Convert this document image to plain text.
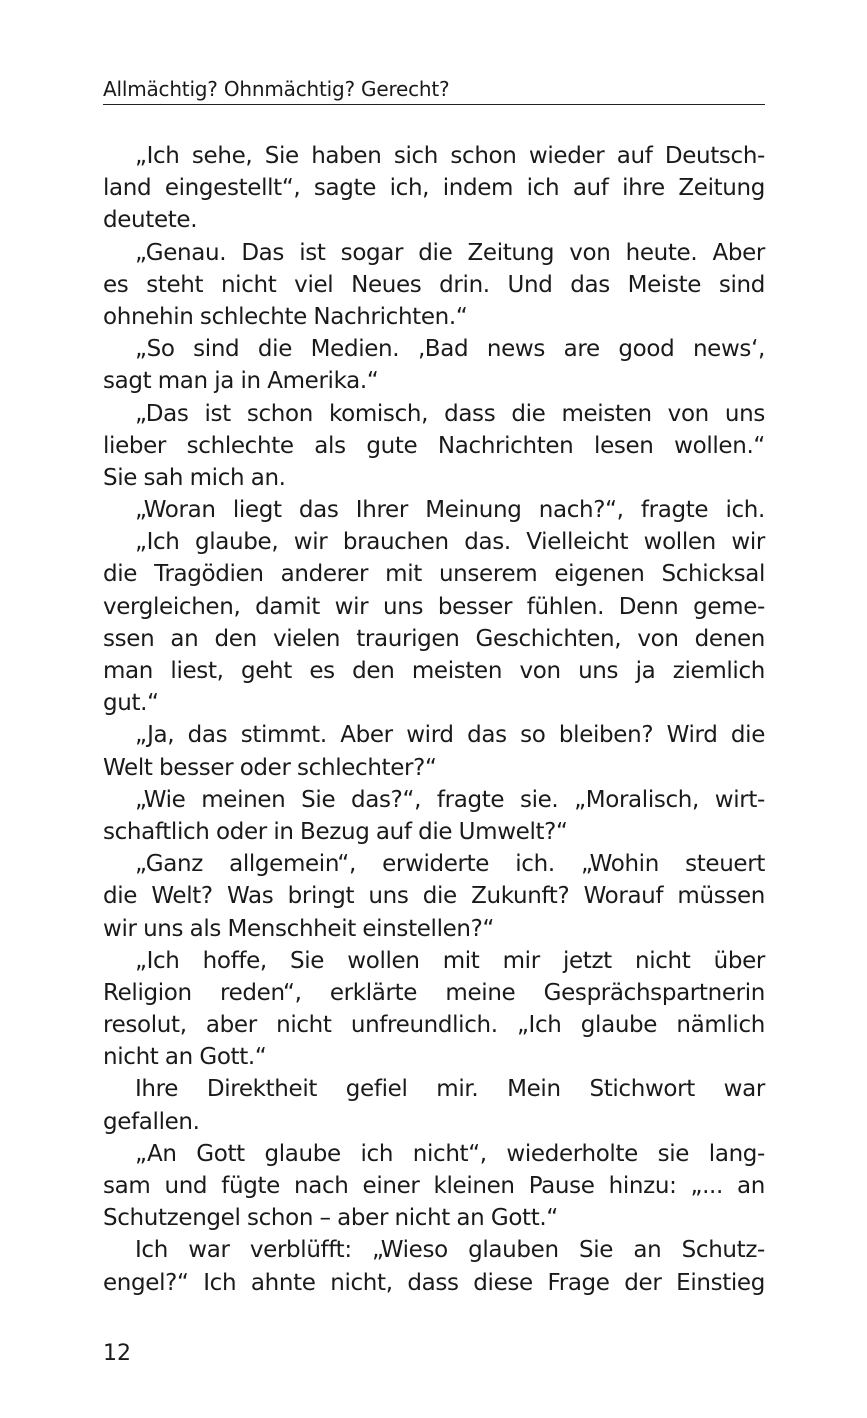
Allmächtig? Ohnmächtig? Gerecht?
„Ich sehe, Sie haben sich schon wieder auf Deutsch-
land eingestellt“, sagte ich, indem ich auf ihre Zeitung
deutete.
„Genau. Das ist sogar die Zeitung von heute. Aber
es steht nicht viel Neues drin. Und das Meiste sind
ohnehin schlechte Nachrichten.“
„So sind die Medien. ‚Bad news are good news‘,
sagt man ja in Amerika.“
„Das ist schon komisch, dass die meisten von uns
lieber schlechte als gute Nachrichten lesen wollen.“
Sie sah mich an.
„Woran liegt das Ihrer Meinung nach?“, fragte ich.
„Ich glaube, wir brauchen das. Vielleicht wollen wir
die Tragödien anderer mit unserem eigenen Schicksal
vergleichen, damit wir uns besser fühlen. Denn geme-
ssen an den vielen traurigen Geschichten, von denen
man liest, geht es den meisten von uns ja ziemlich
gut.“
„Ja, das stimmt. Aber wird das so bleiben? Wird die
Welt besser oder schlechter?“
„Wie meinen Sie das?“, fragte sie. „Moralisch, wirt-
schaftlich oder in Bezug auf die Umwelt?“
„Ganz allgemein“, erwiderte ich. „Wohin steuert
die Welt? Was bringt uns die Zukunft? Worauf müssen
wir uns als Menschheit einstellen?“
„Ich hoffe, Sie wollen mit mir jetzt nicht über
Religion reden“, erklärte meine Gesprächspartnerin
resolut, aber nicht unfreundlich. „Ich glaube nämlich
nicht an Gott.“
Ihre Direktheit gefiel mir. Mein Stichwort war
gefallen.
„An Gott glaube ich nicht“, wiederholte sie lang-
sam und fügte nach einer kleinen Pause hinzu: „... an
Schutzengel schon – aber nicht an Gott.“
Ich war verblüfft: „Wieso glauben Sie an Schutz-
engel?“ Ich ahnte nicht, dass diese Frage der Einstieg
12
